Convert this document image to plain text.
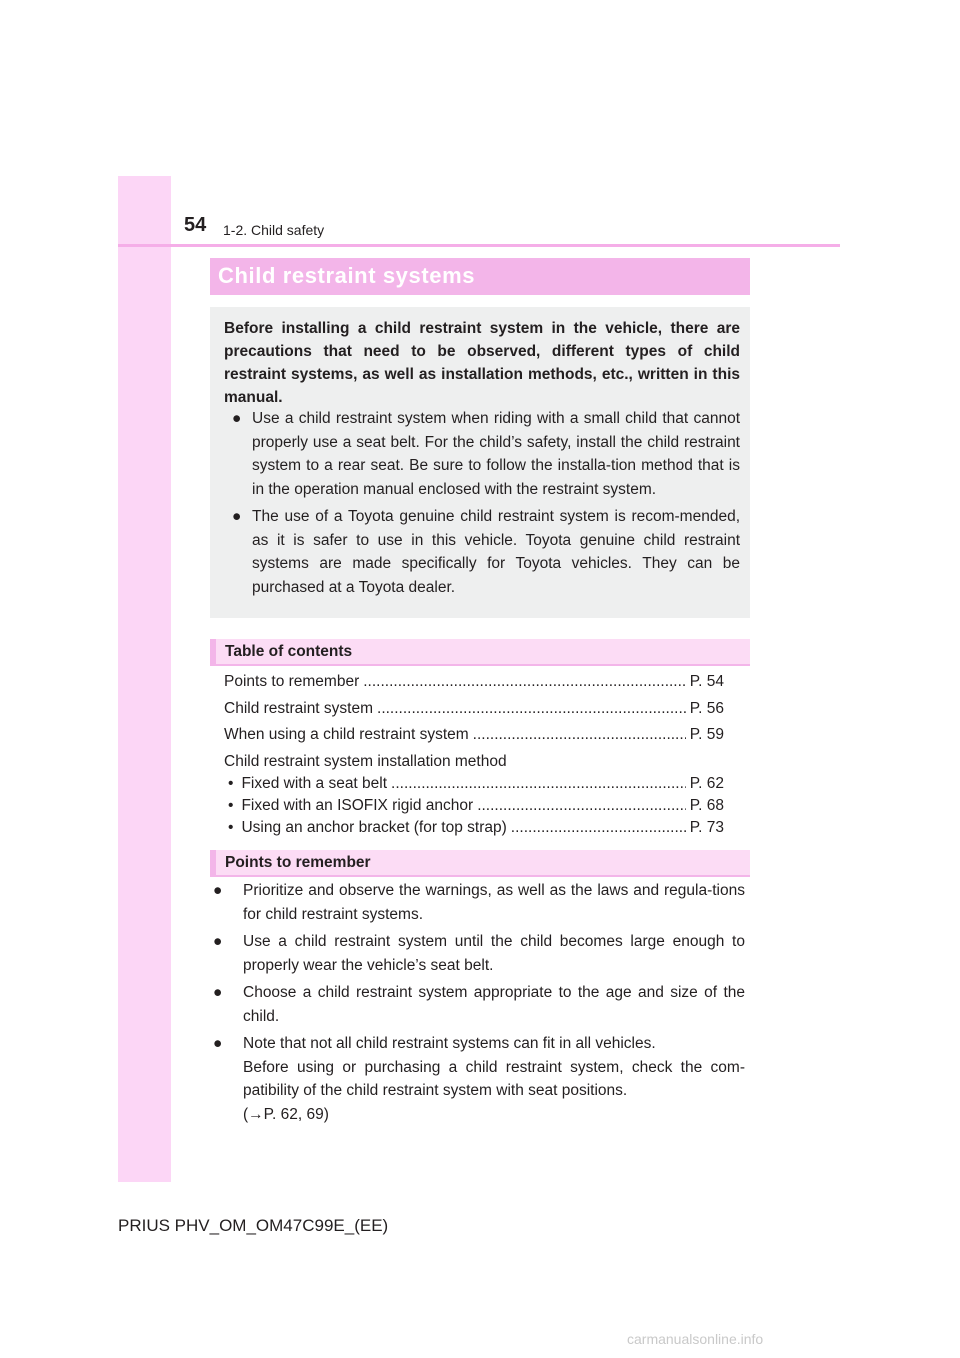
54 1-2. Child safety
Child restraint systems

Before installing a child restraint system in the vehicle, there are precautions that need to be observed, different types of child restraint systems, as well as installation methods, etc., written in this manual.

● Use a child restraint system when riding with a small child that cannot properly use a seat belt. For the child’s safety, install the child restraint system to a rear seat. Be sure to follow the installa-tion method that is in the operation manual enclosed with the restraint system.

● The use of a Toyota genuine child restraint system is recom-mended, as it is safer to use in this vehicle. Toyota genuine child restraint systems are made specifically for Toyota vehicles. They can be purchased at a Toyota dealer.

Table of contents
Points to remember .....	P. 54
Child restraint system .....	P. 56
When using a child restraint system .....	P. 59
Child restraint system installation method
• Fixed with a seat belt .....	P. 62
• Fixed with an ISOFIX rigid anchor .....	P. 68
• Using an anchor bracket (for top strap) .....	P. 73
Points to remember

● Prioritize and observe the warnings, as well as the laws and regula-tions for child restraint systems.

● Use a child restraint system until the child becomes large enough to properly wear the vehicle’s seat belt.

● Choose a child restraint system appropriate to the age and size of the child.

● Note that not all child restraint systems can fit in all vehicles.
Before using or purchasing a child restraint system, check the com-patibility of the child restraint system with seat positions.
(→P. 62, 69)
PRIUS PHV_OM_OM47C99E_(EE)
carmanualsonline.info
